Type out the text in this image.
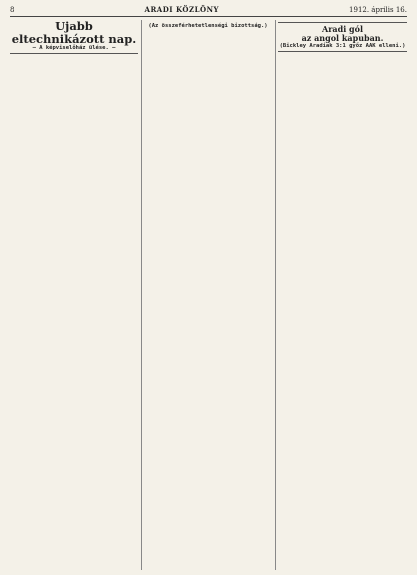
8	ARADI KÖZLÖNY	1912. április 16.
Ujabb eltechnikázott nap.
— A képviselőház ülése. —
(Az összeférhetetlenségi bizottság.)	Aradi gól
az angol kapuban.
(Bickley Aradiak 3:1 győz AAK elleni.)
